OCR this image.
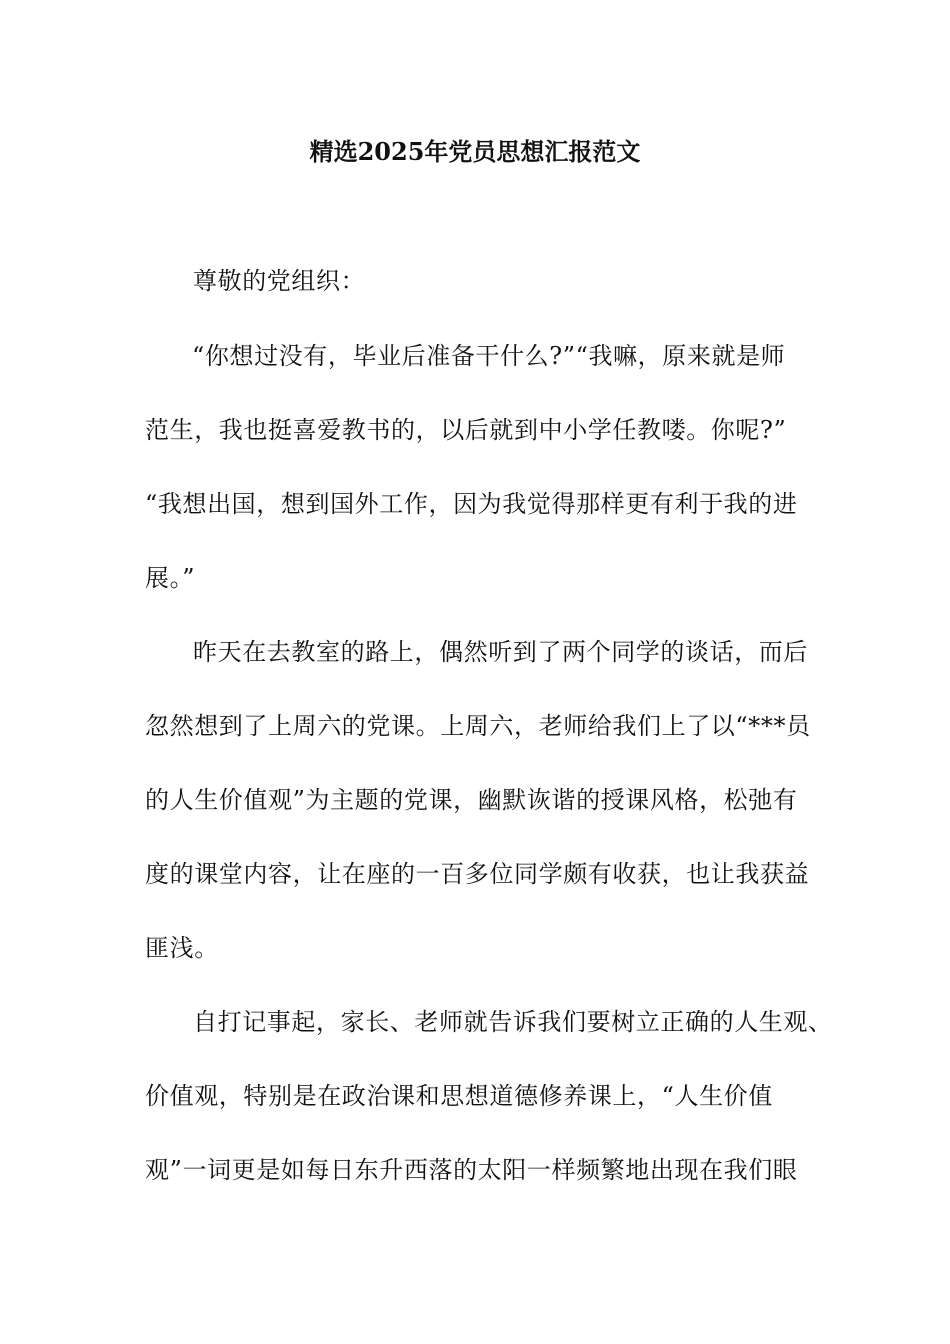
精选2025年党员思想汇报范文
尊敬的党组织：
“你想过没有，毕业后准备干什么?”“我嘛，原来就是师
范生，我也挺喜爱教书的，以后就到中小学任教喽。你呢?”
“我想出国，想到国外工作，因为我觉得那样更有利于我的进
展。”
昨天在去教室的路上，偶然听到了两个同学的谈话，而后
忽然想到了上周六的党课。上周六，老师给我们上了以“***员
的人生价值观”为主题的党课，幽默诙谐的授课风格，松弛有
度的课堂内容，让在座的一百多位同学颇有收获，也让我获益
匪浅。
自打记事起，家长、老师就告诉我们要树立正确的人生观、
价值观，特别是在政治课和思想道德修养课上，“人生价值
观”一词更是如每日东升西落的太阳一样频繁地出现在我们眼
